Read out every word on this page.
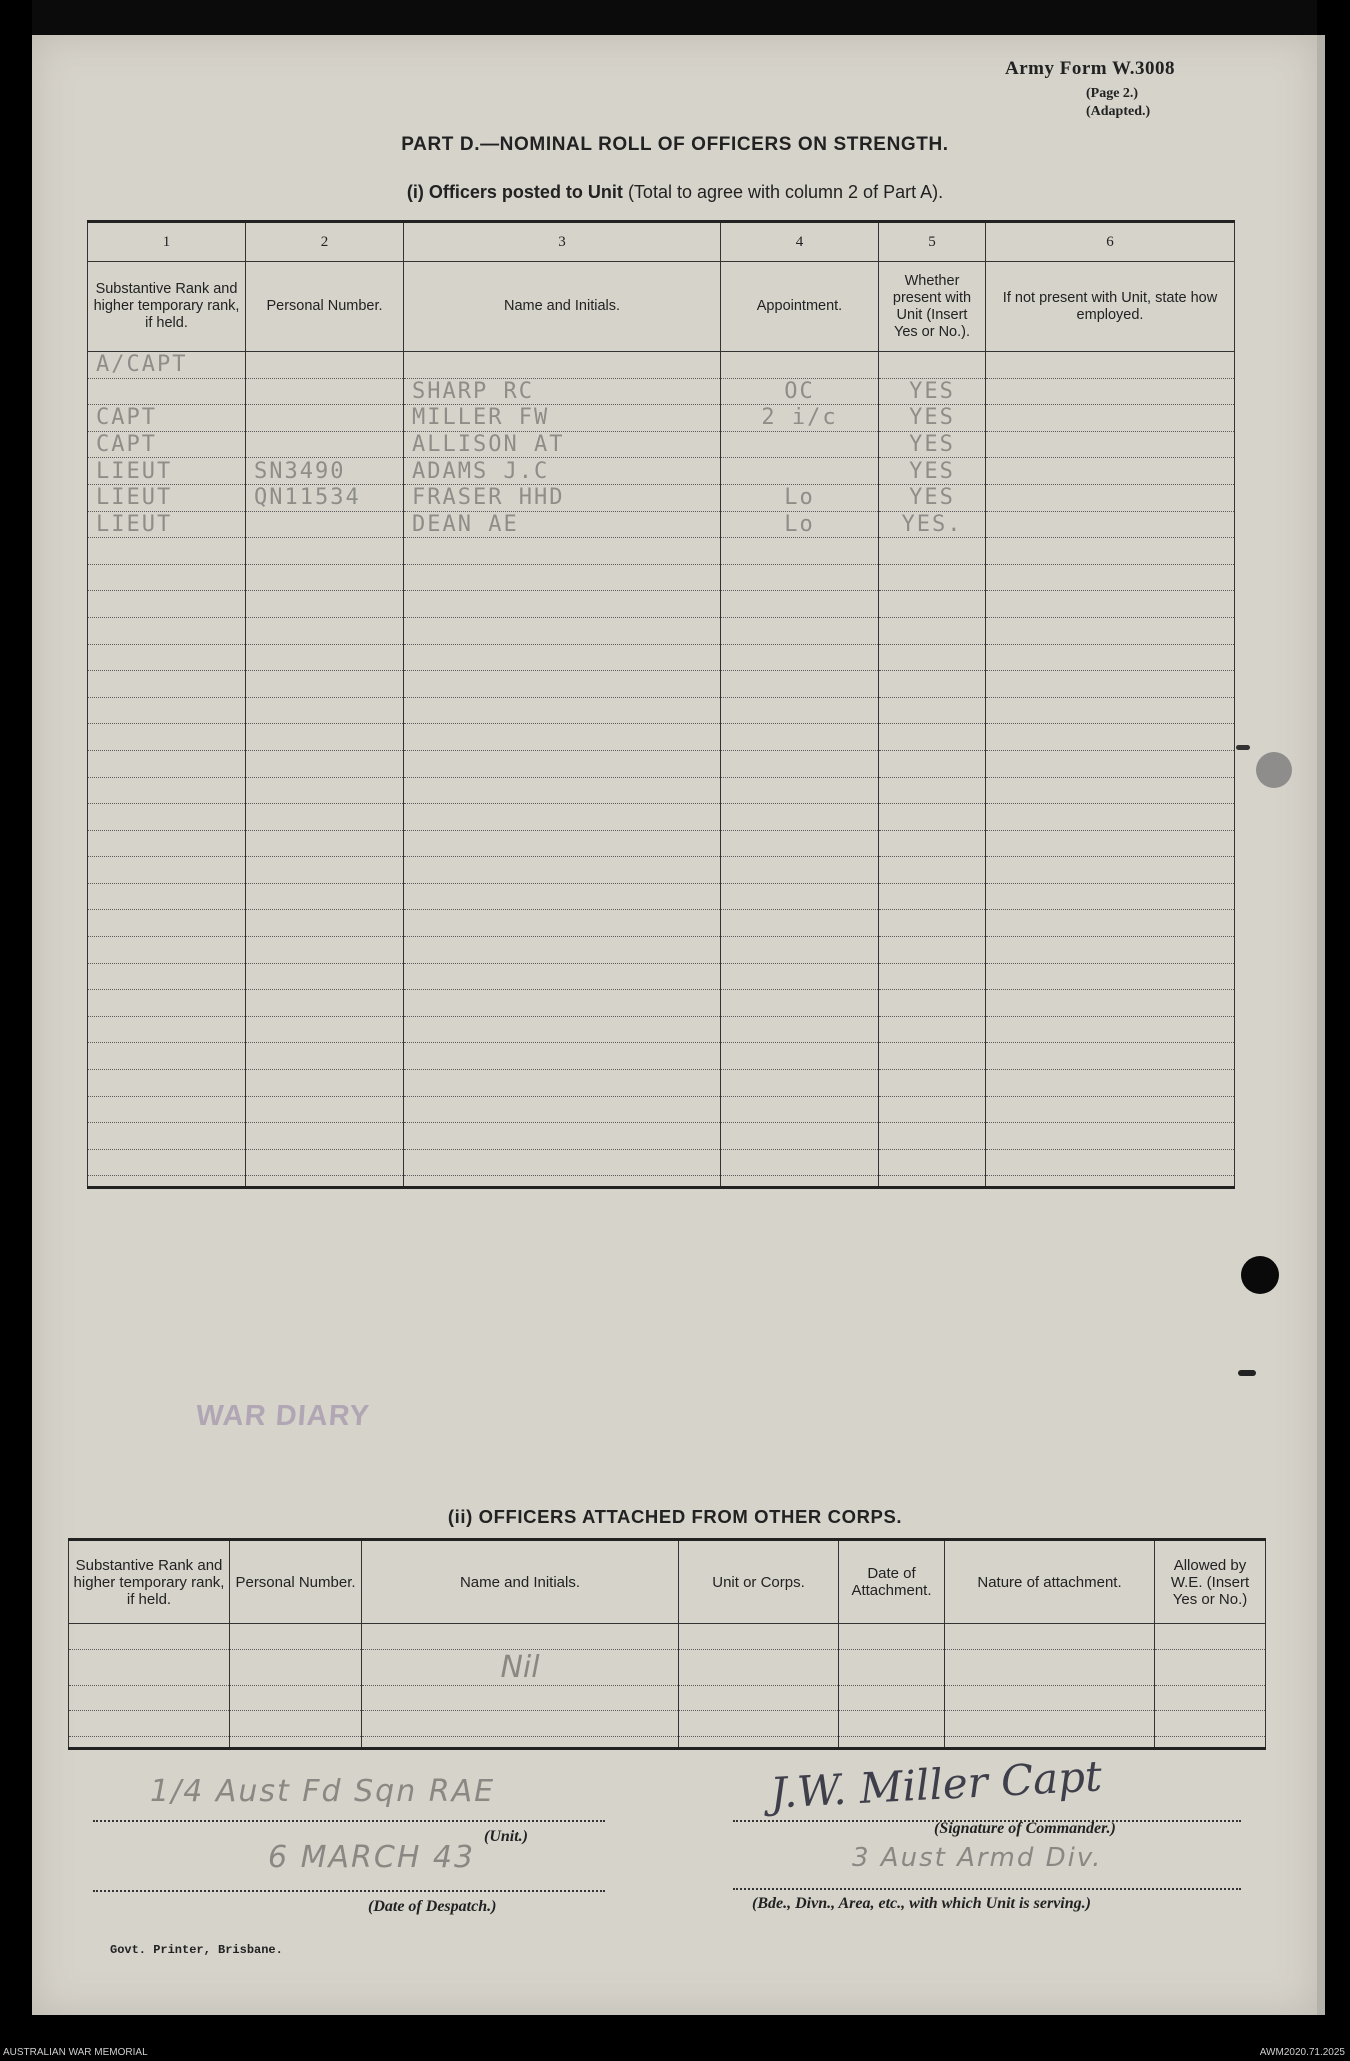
Army Form W.3008
(Page 2.)
(Adapted.)
PART D.—NOMINAL ROLL OF OFFICERS ON STRENGTH.
(i) Officers posted to Unit (Total to agree with column 2 of Part A).
1	2	3	4	5	6
Substantive Rank and higher temporary rank, if held.	Personal Number.	Name and Initials.	Appointment.	Whether present with Unit (Insert Yes or No.).	If not present with Unit, state how employed.
A/CAPT					
		SHARP RC	OC	YES	
CAPT		MILLER FW	2 i/c	YES	
CAPT		ALLISON AT		YES	
LIEUT	SN3490	ADAMS J.C		YES	
LIEUT	QN11534	FRASER HHD	Lo	YES	
LIEUT		DEAN AE	Lo	YES.	

WAR DIARY
(ii) OFFICERS ATTACHED FROM OTHER CORPS.
Substantive Rank and higher temporary rank, if held.	Personal Number.	Name and Initials.	Unit or Corps.	Date of Attachment.	Nature of attachment.	Allowed by W.E. (Insert Yes or No.)

		Nil				

1/4 Aust Fd Sqn RAE
(Unit.)
6 MARCH 43
(Date of Despatch.)
J.W. Miller Capt
(Signature of Commander.)
3 Aust Armd Div.
(Bde., Divn., Area, etc., with which Unit is serving.)
Govt. Printer, Brisbane.
AUSTRALIAN WAR MEMORIAL	AWM2020.71.2025
